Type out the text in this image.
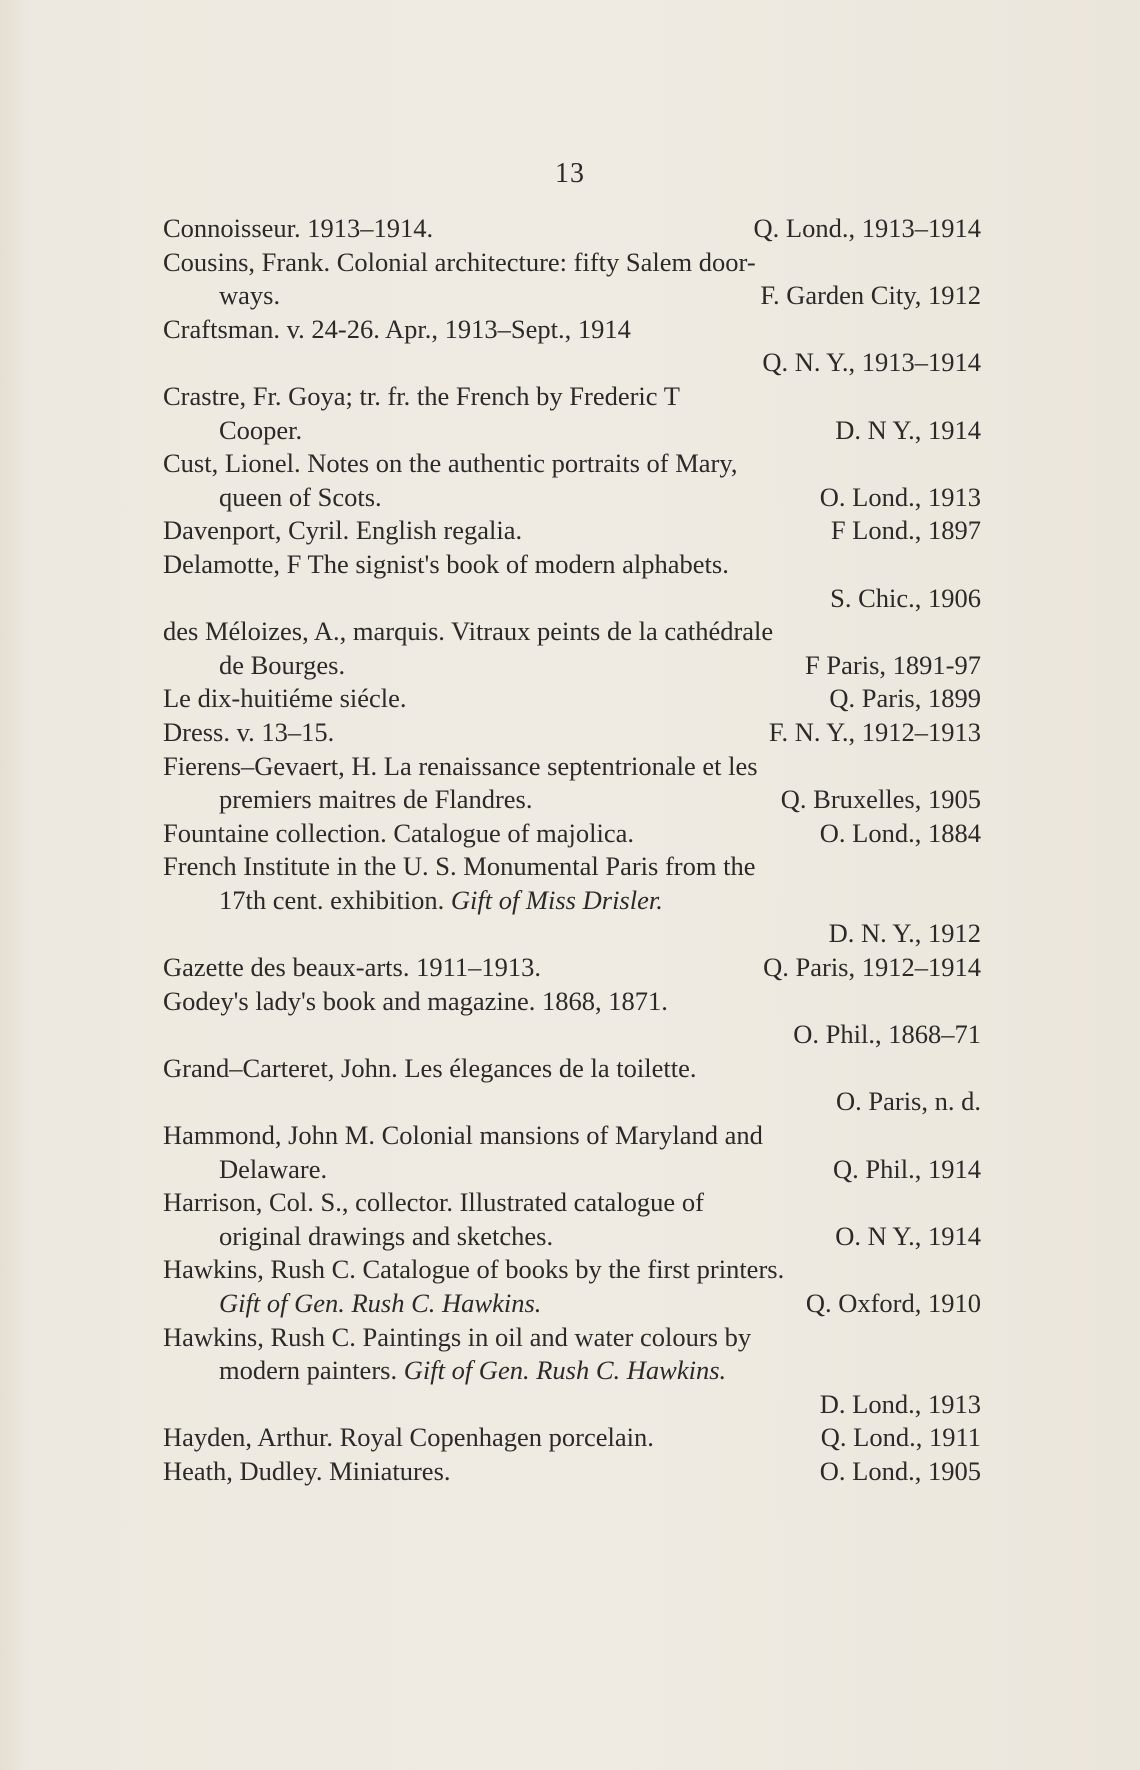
13
Connoisseur. 1913–1914.	Q. Lond., 1913–1914
Cousins, Frank. Colonial architecture: fifty Salem door-
ways.	F. Garden City, 1912
Craftsman. v. 24-26. Apr., 1913–Sept., 1914
Q. N. Y., 1913–1914
Crastre, Fr. Goya; tr. fr. the French by Frederic T
Cooper.	D. N Y., 1914
Cust, Lionel. Notes on the authentic portraits of Mary,
queen of Scots.	O. Lond., 1913
Davenport, Cyril. English regalia.	F Lond., 1897
Delamotte, F The signist's book of modern alphabets.
S. Chic., 1906
des Méloizes, A., marquis. Vitraux peints de la cathédrale
de Bourges.	F Paris, 1891-97
Le dix-huitiéme siécle.	Q. Paris, 1899
Dress. v. 13–15.	F. N. Y., 1912–1913
Fierens–Gevaert, H. La renaissance septentrionale et les
premiers maitres de Flandres.	Q. Bruxelles, 1905
Fountaine collection. Catalogue of majolica.	O. Lond., 1884
French Institute in the U. S. Monumental Paris from the
17th cent. exhibition. Gift of Miss Drisler.
D. N. Y., 1912
Gazette des beaux-arts. 1911–1913.	Q. Paris, 1912–1914
Godey's lady's book and magazine. 1868, 1871.
O. Phil., 1868–71
Grand–Carteret, John. Les élegances de la toilette.
O. Paris, n. d.
Hammond, John M. Colonial mansions of Maryland and
Delaware.	Q. Phil., 1914
Harrison, Col. S., collector. Illustrated catalogue of
original drawings and sketches.	O. N Y., 1914
Hawkins, Rush C. Catalogue of books by the first printers.
Gift of Gen. Rush C. Hawkins.	Q. Oxford, 1910
Hawkins, Rush C. Paintings in oil and water colours by
modern painters. Gift of Gen. Rush C. Hawkins.
D. Lond., 1913
Hayden, Arthur. Royal Copenhagen porcelain.	Q. Lond., 1911
Heath, Dudley. Miniatures.	O. Lond., 1905
